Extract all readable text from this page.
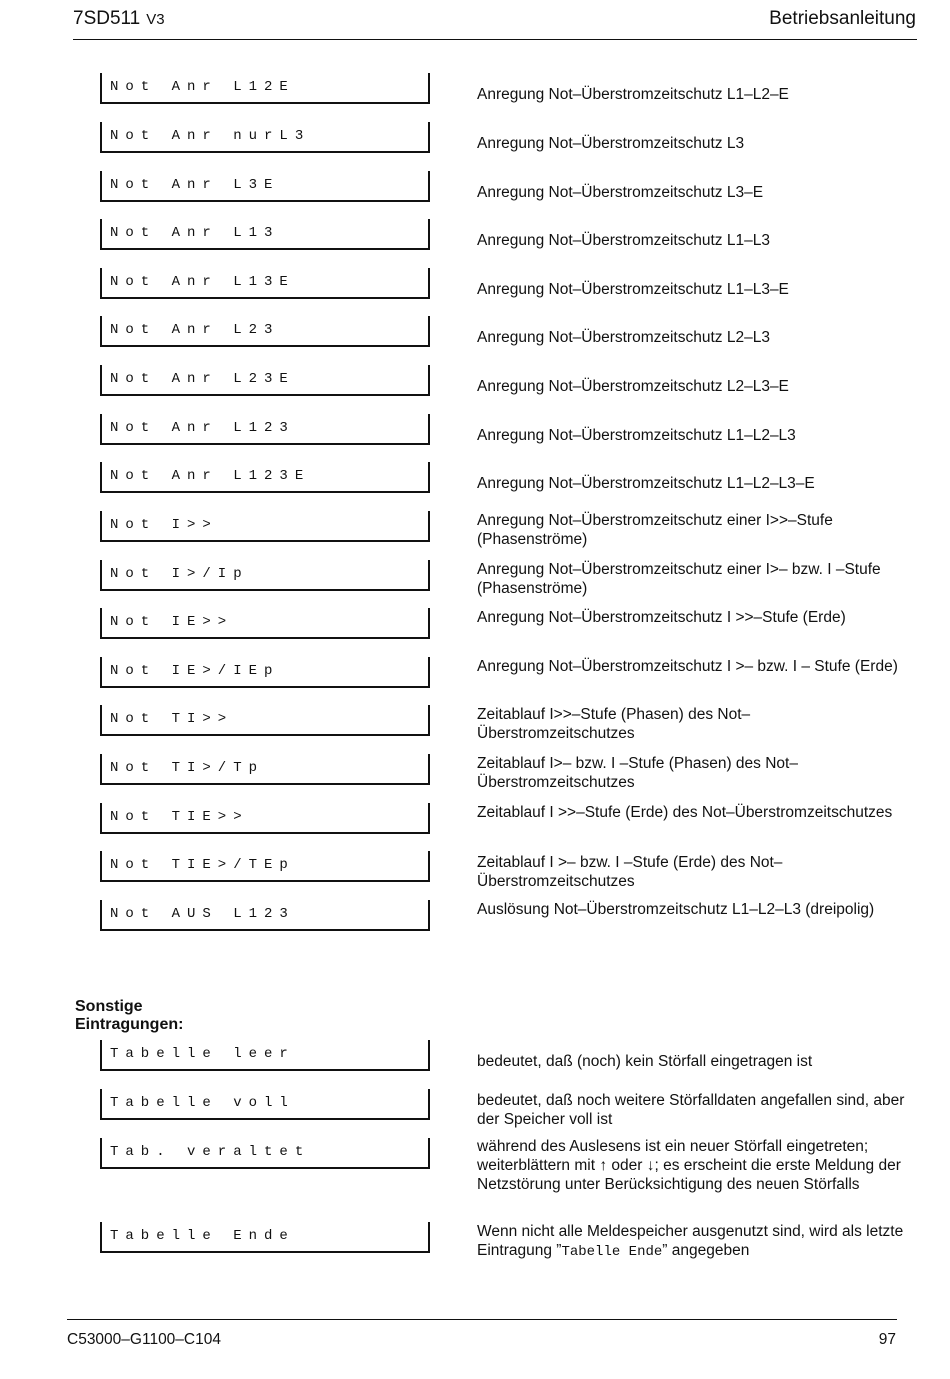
7SD511 V3	Betriebsanleitung
Not Anr L12E	Anregung Not–Überstromzeitschutz L1–L2–E
Not Anr nurL3	Anregung Not–Überstromzeitschutz L3
Not Anr L3E	Anregung Not–Überstromzeitschutz L3–E
Not Anr L13	Anregung Not–Überstromzeitschutz L1–L3
Not Anr L13E	Anregung Not–Überstromzeitschutz L1–L3–E
Not Anr L23	Anregung Not–Überstromzeitschutz L2–L3
Not Anr L23E	Anregung Not–Überstromzeitschutz L2–L3–E
Not Anr L123	Anregung Not–Überstromzeitschutz L1–L2–L3
Not Anr L123E	Anregung Not–Überstromzeitschutz L1–L2–L3–E
Not I>>	Anregung Not–Überstromzeitschutz einer I>>–Stufe (Phasenströme)
Not I>/Ip	Anregung Not–Überstromzeitschutz einer I>– bzw. I –Stufe (Phasenströme)
Not IE>>	Anregung Not–Überstromzeitschutz I >>–Stufe (Erde)
Not IE>/IEp	Anregung Not–Überstromzeitschutz I >– bzw. I – Stufe (Erde)
Not TI>>	Zeitablauf I>>–Stufe (Phasen) des Not–Überstromzeitschutzes
Not TI>/Tp	Zeitablauf I>– bzw. I –Stufe (Phasen) des Not–Überstromzeitschutzes
Not TIE>>	Zeitablauf I >>–Stufe (Erde) des Not–Überstromzeitschutzes
Not TIE>/TEp	Zeitablauf I >– bzw. I –Stufe (Erde) des Not–Überstromzeitschutzes
Not AUS L123	Auslösung Not–Überstromzeitschutz L1–L2–L3 (dreipolig)
Sonstige Eintragungen:
Tabelle leer	bedeutet, daß (noch) kein Störfall eingetragen ist
Tabelle voll	bedeutet, daß noch weitere Störfalldaten angefallen sind, aber der Speicher voll ist
Tab. veraltet	während des Auslesens ist ein neuer Störfall eingetreten; weiterblättern mit ↑ oder ↓; es erscheint die erste Meldung der Netzstörung unter Berücksichtigung des neuen Störfalls
Tabelle Ende	Wenn nicht alle Meldespeicher ausgenutzt sind, wird als letzte Eintragung ”Tabelle Ende” angegeben
C53000–G1100–C104	97
